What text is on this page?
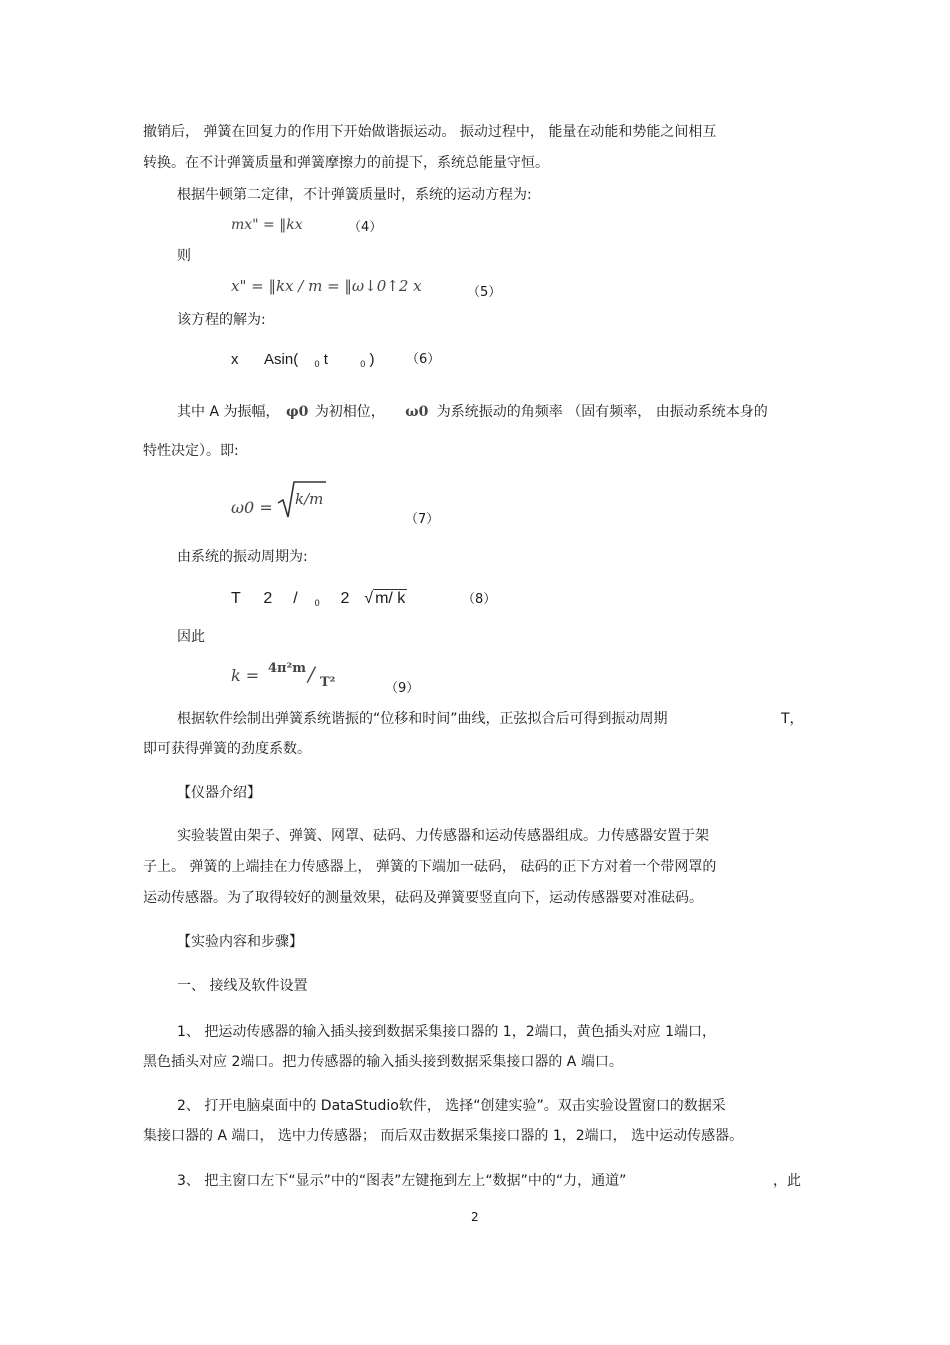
撤销后， 弹簧在回复力的作用下开始做谐振运动。 振动过程中， 能量在动能和势能之间相互
转换。在不计弹簧质量和弹簧摩擦力的前提下，系统总能量守恒。
根据牛顿第二定律，不计弹簧质量时，系统的运动方程为:
mx" = ‖kx	（4）
则
x" = ‖kx / m = ‖ω↓0↑2 x	（5）
该方程的解为:
x Asin( $_0$ t	$_0$ ) （6）
其中 A 为振幅， φ0 为初相位， ω0 为系统振动的角频率 （固有频率， 由振动系统本身的
特性决定）。即:
ω0 = k/m
（7）
由系统的振动周期为:
T 2 / $_0$ 2 √ m/ k	（8）
因此
k = 4π²m / T²	（9）
根据软件绘制出弹簧系统谐振的“位移和时间”曲线，正弦拟合后可得到振动周期	T，
即可获得弹簧的劲度系数。
【仪器介绍】
实验装置由架子、弹簧、网罩、砝码、力传感器和运动传感器组成。力传感器安置于架
子上。 弹簧的上端挂在力传感器上， 弹簧的下端加一砝码， 砝码的正下方对着一个带网罩的
运动传感器。为了取得较好的测量效果，砝码及弹簧要竖直向下，运动传感器要对准砝码。
【实验内容和步骤】
一、 接线及软件设置
1、 把运动传感器的输入插头接到数据采集接口器的 1，2端口，黄色插头对应 1端口，
黑色插头对应 2端口。把力传感器的输入插头接到数据采集接口器的 A 端口。
2、 打开电脑桌面中的 DataStudio软件， 选择“创建实验”。双击实验设置窗口的数据采
集接口器的 A 端口， 选中力传感器； 而后双击数据采集接口器的 1，2端口， 选中运动传感器。
3、 把主窗口左下“显示”中的“图表”左键拖到左上“数据”中的“力，通道”	，此
2
